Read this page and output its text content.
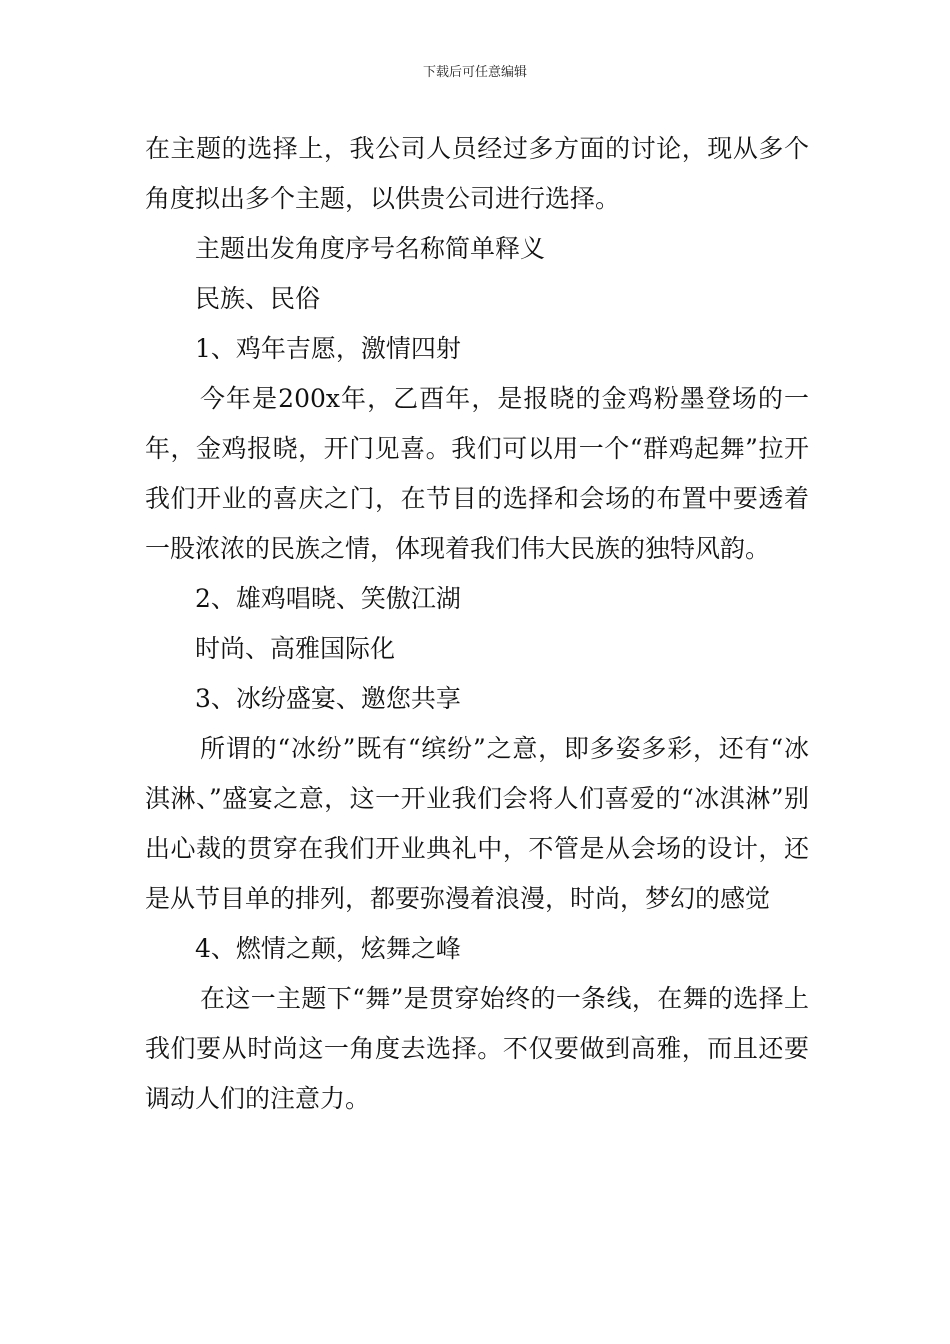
下载后可任意编辑

在主题的选择上，我公司人员经过多方面的讨论，现从多个角度拟出多个主题，以供贵公司进行选择。

主题出发角度序号名称简单释义

民族、民俗

1、鸡年吉愿，激情四射

今年是200x年，乙酉年，是报晓的金鸡粉墨登场的一年，金鸡报晓，开门见喜。我们可以用一个“群鸡起舞”拉开我们开业的喜庆之门，在节目的选择和会场的布置中要透着一股浓浓的民族之情，体现着我们伟大民族的独特风韵。

2、雄鸡唱晓、笑傲江湖

时尚、高雅国际化

3、冰纷盛宴、邀您共享

所谓的“冰纷”既有“缤纷”之意，即多姿多彩，还有“冰淇淋、”盛宴之意，这一开业我们会将人们喜爱的“冰淇淋”别出心裁的贯穿在我们开业典礼中，不管是从会场的设计，还是从节目单的排列，都要弥漫着浪漫，时尚，梦幻的感觉

4、燃情之颠，炫舞之峰

在这一主题下“舞”是贯穿始终的一条线，在舞的选择上我们要从时尚这一角度去选择。不仅要做到高雅，而且还要调动人们的注意力。
